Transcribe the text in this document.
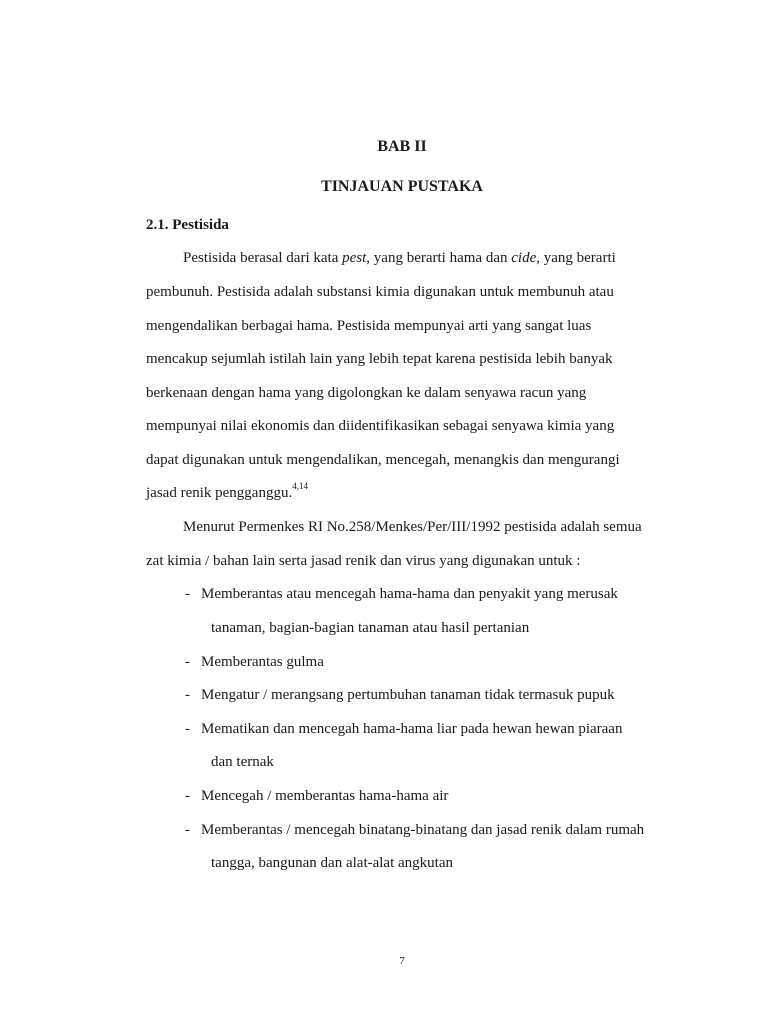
BAB II
TINJAUAN PUSTAKA
2.1. Pestisida
Pestisida berasal dari kata pest, yang berarti hama dan cide, yang berarti
pembunuh. Pestisida adalah substansi kimia digunakan untuk membunuh atau
mengendalikan berbagai hama. Pestisida mempunyai arti yang sangat luas
mencakup sejumlah istilah lain yang lebih tepat karena pestisida lebih banyak
berkenaan dengan hama yang digolongkan ke dalam senyawa racun yang
mempunyai nilai ekonomis dan diidentifikasikan sebagai senyawa kimia yang
dapat digunakan untuk mengendalikan, mencegah, menangkis dan mengurangi
jasad renik pengganggu.$^{4,14}$
Menurut Permenkes RI No.258/Menkes/Per/III/1992 pestisida adalah semua
zat kimia / bahan lain serta jasad renik dan virus yang digunakan untuk :
- Memberantas atau mencegah hama-hama dan penyakit yang merusak
tanaman, bagian-bagian tanaman atau hasil pertanian
- Memberantas gulma
- Mengatur / merangsang pertumbuhan tanaman tidak termasuk pupuk
- Mematikan dan mencegah hama-hama liar pada hewan hewan piaraan
dan ternak
- Mencegah / memberantas hama-hama air
- Memberantas / mencegah binatang-binatang dan jasad renik dalam rumah
tangga, bangunan dan alat-alat angkutan
7
